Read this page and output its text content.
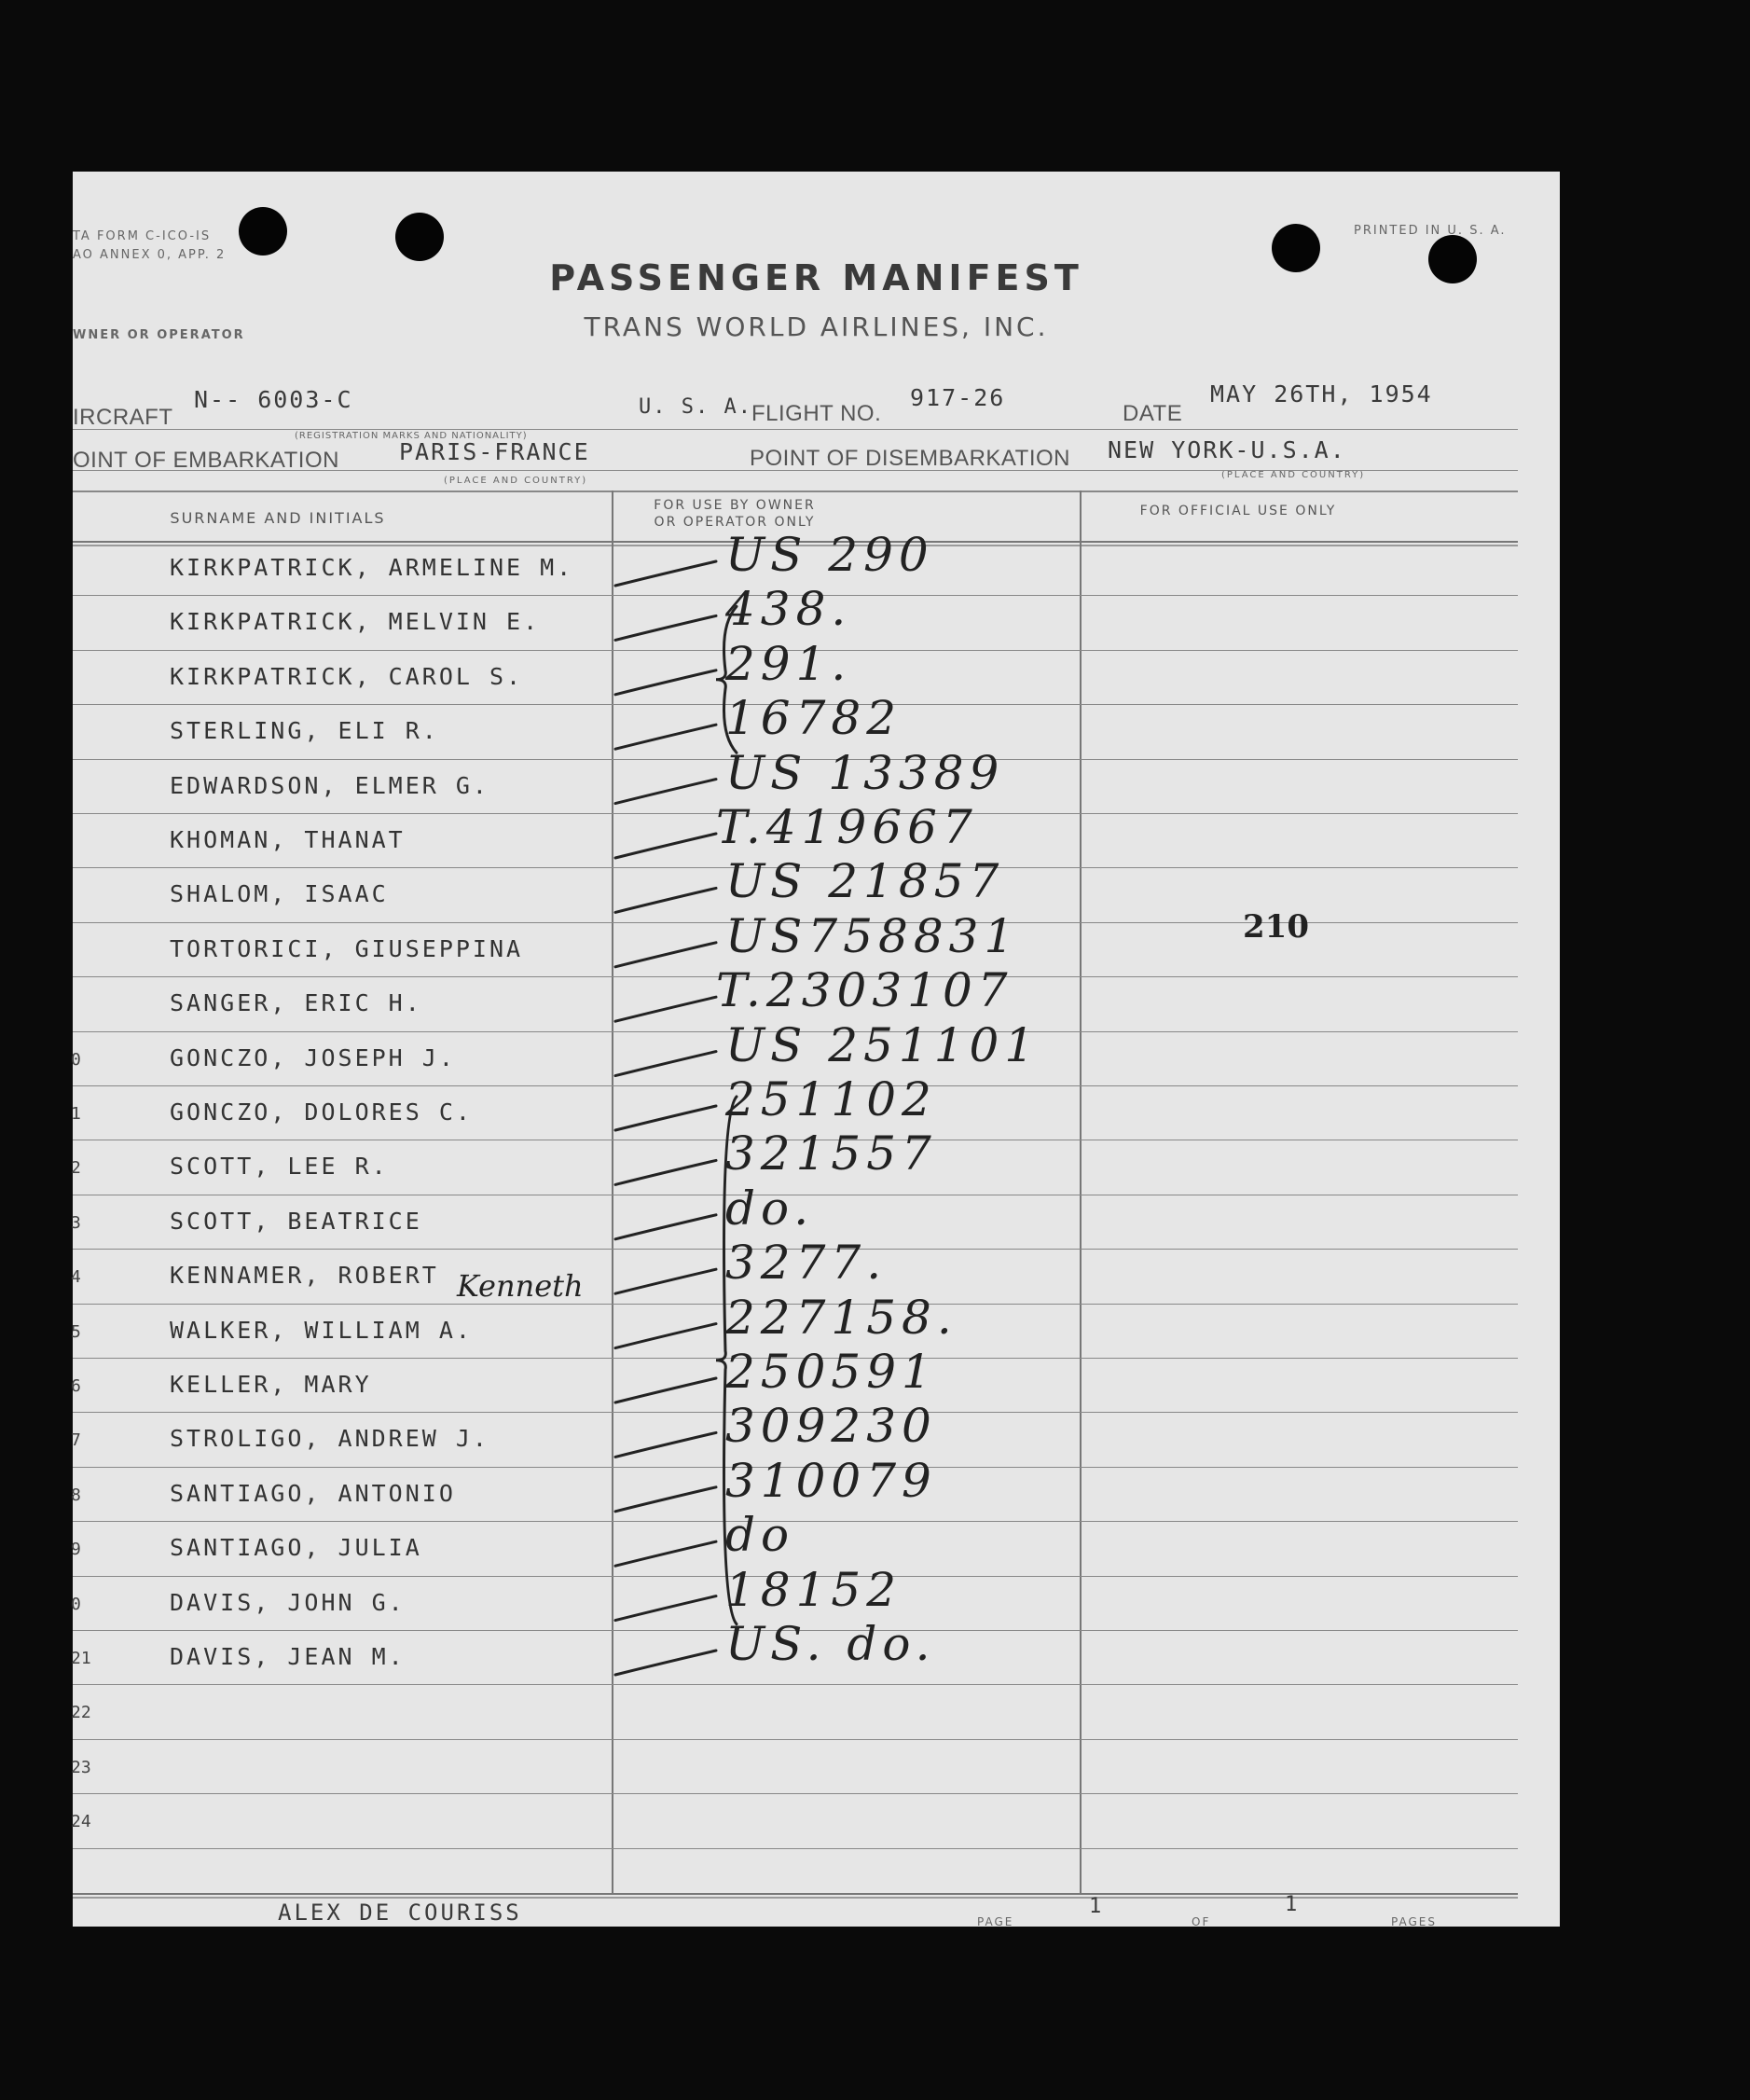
TA FORM C-ICO-IS
AO ANNEX 0, APP. 2
WNER OR OPERATOR
PRINTED IN U. S. A.
PASSENGER MANIFEST
TRANS WORLD AIRLINES, INC.
IRCRAFT
N-- 6003-C
(REGISTRATION MARKS AND NATIONALITY)
U. S. A. FLIGHT NO.
917-26
DATE
MAY 26TH, 1954
OINT OF EMBARKATION	PARIS-FRANCE
(PLACE AND COUNTRY)
POINT OF DISEMBARKATION NEW YORK-U.S.A.
(PLACE AND COUNTRY)
SURNAME AND INITIALS
FOR USE BY OWNER
OR OPERATOR ONLY
FOR OFFICIAL USE ONLY
KIRKPATRICK, ARMELINE M.	US 290
KIRKPATRICK, MELVIN E.	438.
KIRKPATRICK, CAROL S.	291.
STERLING, ELI R.	16782
EDWARDSON, ELMER G.	US 13389
KHOMAN, THANAT	T.419667
SHALOM, ISAAC	US 21857
TORTORICI, GIUSEPPINA	US758831
SANGER, ERIC H.	T.2303107
0	GONCZO, JOSEPH J.	US 251101
1	GONCZO, DOLORES C.	251102
2	SCOTT, LEE R.	321557
3	SCOTT, BEATRICE	do.
4	KENNAMER, ROBERT	3277.
5	WALKER, WILLIAM A.	227158.
6	KELLER, MARY	250591
7	STROLIGO, ANDREW J.	309230
8	SANTIAGO, ANTONIO	310079
9	SANTIAGO, JULIA	do
0	DAVIS, JOHN G.	18152
21	DAVIS, JEAN M.	US. do.
22
23
24
Kenneth
210
ALEX DE COURISS	PAGE
1
OF
1
PAGES
